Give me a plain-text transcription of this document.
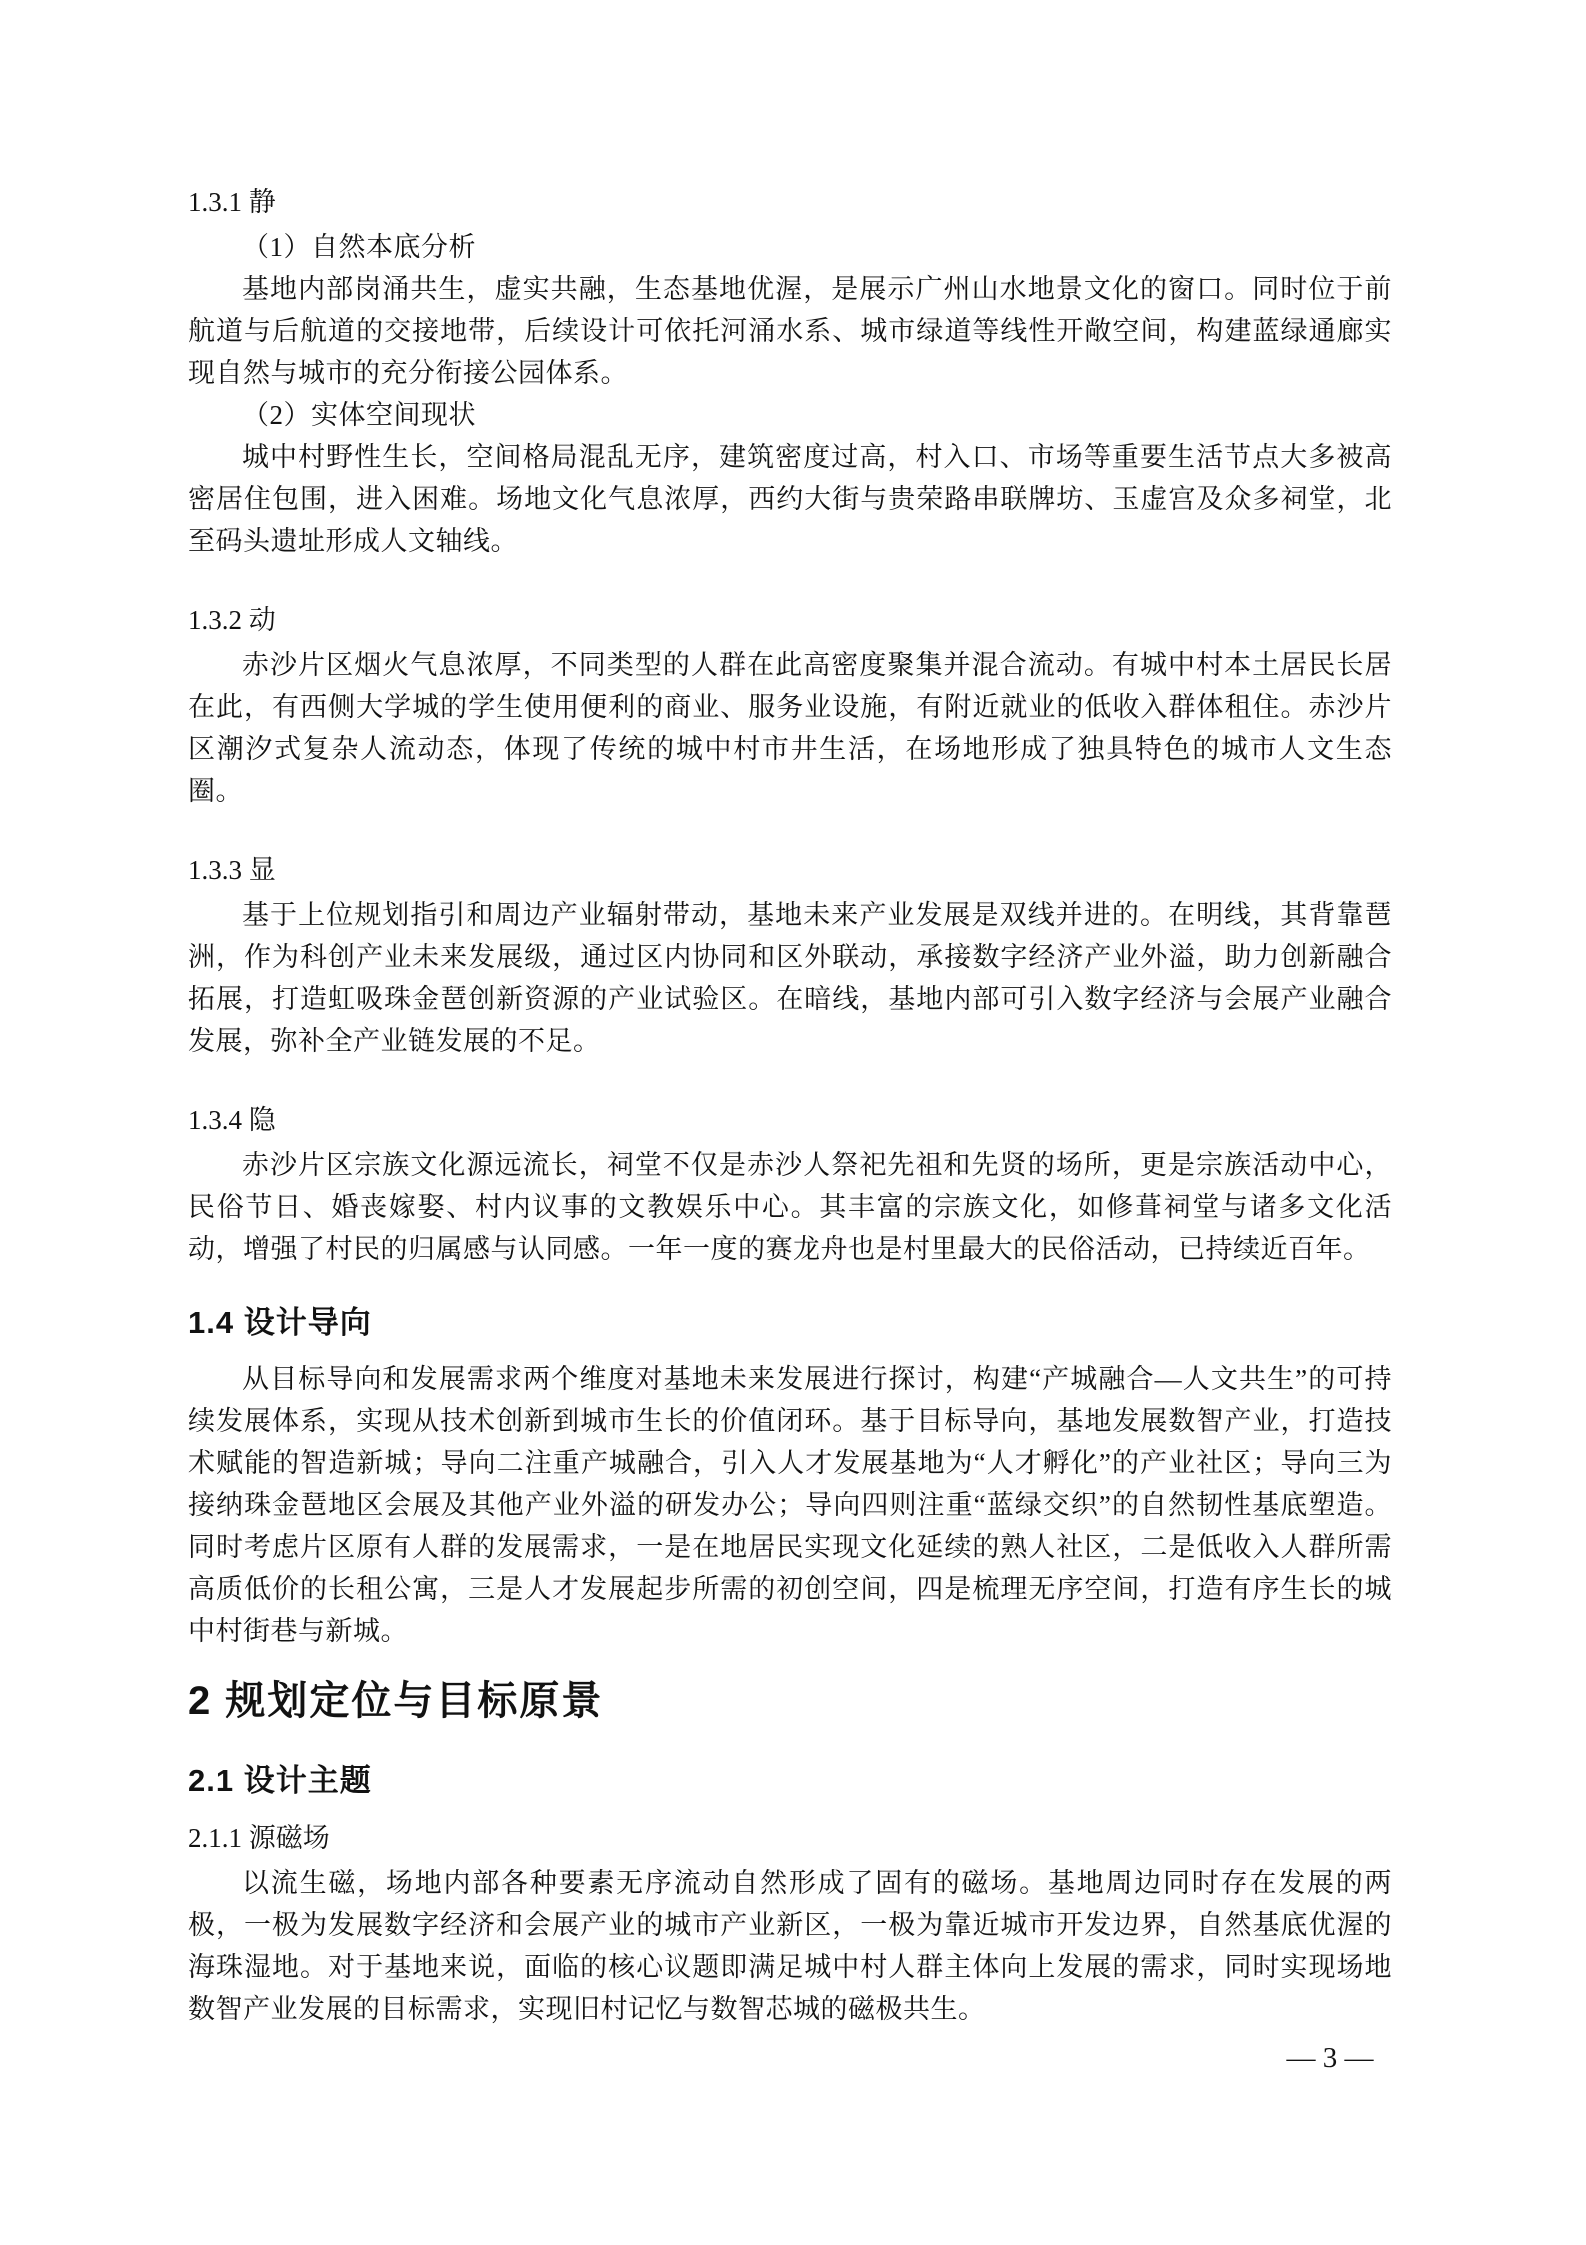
1.3.1 静

（1）自然本底分析

基地内部岗涌共生，虚实共融，生态基地优渥，是展示广州山水地景文化的窗口。同时位于前航道与后航道的交接地带，后续设计可依托河涌水系、城市绿道等线性开敞空间，构建蓝绿通廊实现自然与城市的充分衔接公园体系。

（2）实体空间现状

城中村野性生长，空间格局混乱无序，建筑密度过高，村入口、市场等重要生活节点大多被高密居住包围，进入困难。场地文化气息浓厚，西约大街与贵荣路串联牌坊、玉虚宫及众多祠堂，北至码头遗址形成人文轴线。

1.3.2 动

赤沙片区烟火气息浓厚，不同类型的人群在此高密度聚集并混合流动。有城中村本土居民长居在此，有西侧大学城的学生使用便利的商业、服务业设施，有附近就业的低收入群体租住。赤沙片区潮汐式复杂人流动态，体现了传统的城中村市井生活，在场地形成了独具特色的城市人文生态圈。

1.3.3 显

基于上位规划指引和周边产业辐射带动，基地未来产业发展是双线并进的。在明线，其背靠琶洲，作为科创产业未来发展级，通过区内协同和区外联动，承接数字经济产业外溢，助力创新融合拓展，打造虹吸珠金琶创新资源的产业试验区。在暗线，基地内部可引入数字经济与会展产业融合发展，弥补全产业链发展的不足。

1.3.4 隐

赤沙片区宗族文化源远流长，祠堂不仅是赤沙人祭祀先祖和先贤的场所，更是宗族活动中心，民俗节日、婚丧嫁娶、村内议事的文教娱乐中心。其丰富的宗族文化，如修葺祠堂与诸多文化活动，增强了村民的归属感与认同感。一年一度的赛龙舟也是村里最大的民俗活动，已持续近百年。

1.4 设计导向

从目标导向和发展需求两个维度对基地未来发展进行探讨，构建“产城融合—人文共生”的可持续发展体系，实现从技术创新到城市生长的价值闭环。基于目标导向，基地发展数智产业，打造技术赋能的智造新城；导向二注重产城融合，引入人才发展基地为“人才孵化”的产业社区；导向三为接纳珠金琶地区会展及其他产业外溢的研发办公；导向四则注重“蓝绿交织”的自然韧性基底塑造。同时考虑片区原有人群的发展需求，一是在地居民实现文化延续的熟人社区，二是低收入人群所需高质低价的长租公寓，三是人才发展起步所需的初创空间，四是梳理无序空间，打造有序生长的城中村街巷与新城。

2 规划定位与目标原景
2.1 设计主题
2.1.1 源磁场

以流生磁，场地内部各种要素无序流动自然形成了固有的磁场。基地周边同时存在发展的两极，一极为发展数字经济和会展产业的城市产业新区，一极为靠近城市开发边界，自然基底优渥的海珠湿地。对于基地来说，面临的核心议题即满足城中村人群主体向上发展的需求，同时实现场地数智产业发展的目标需求，实现旧村记忆与数智芯城的磁极共生。

— 3 —
